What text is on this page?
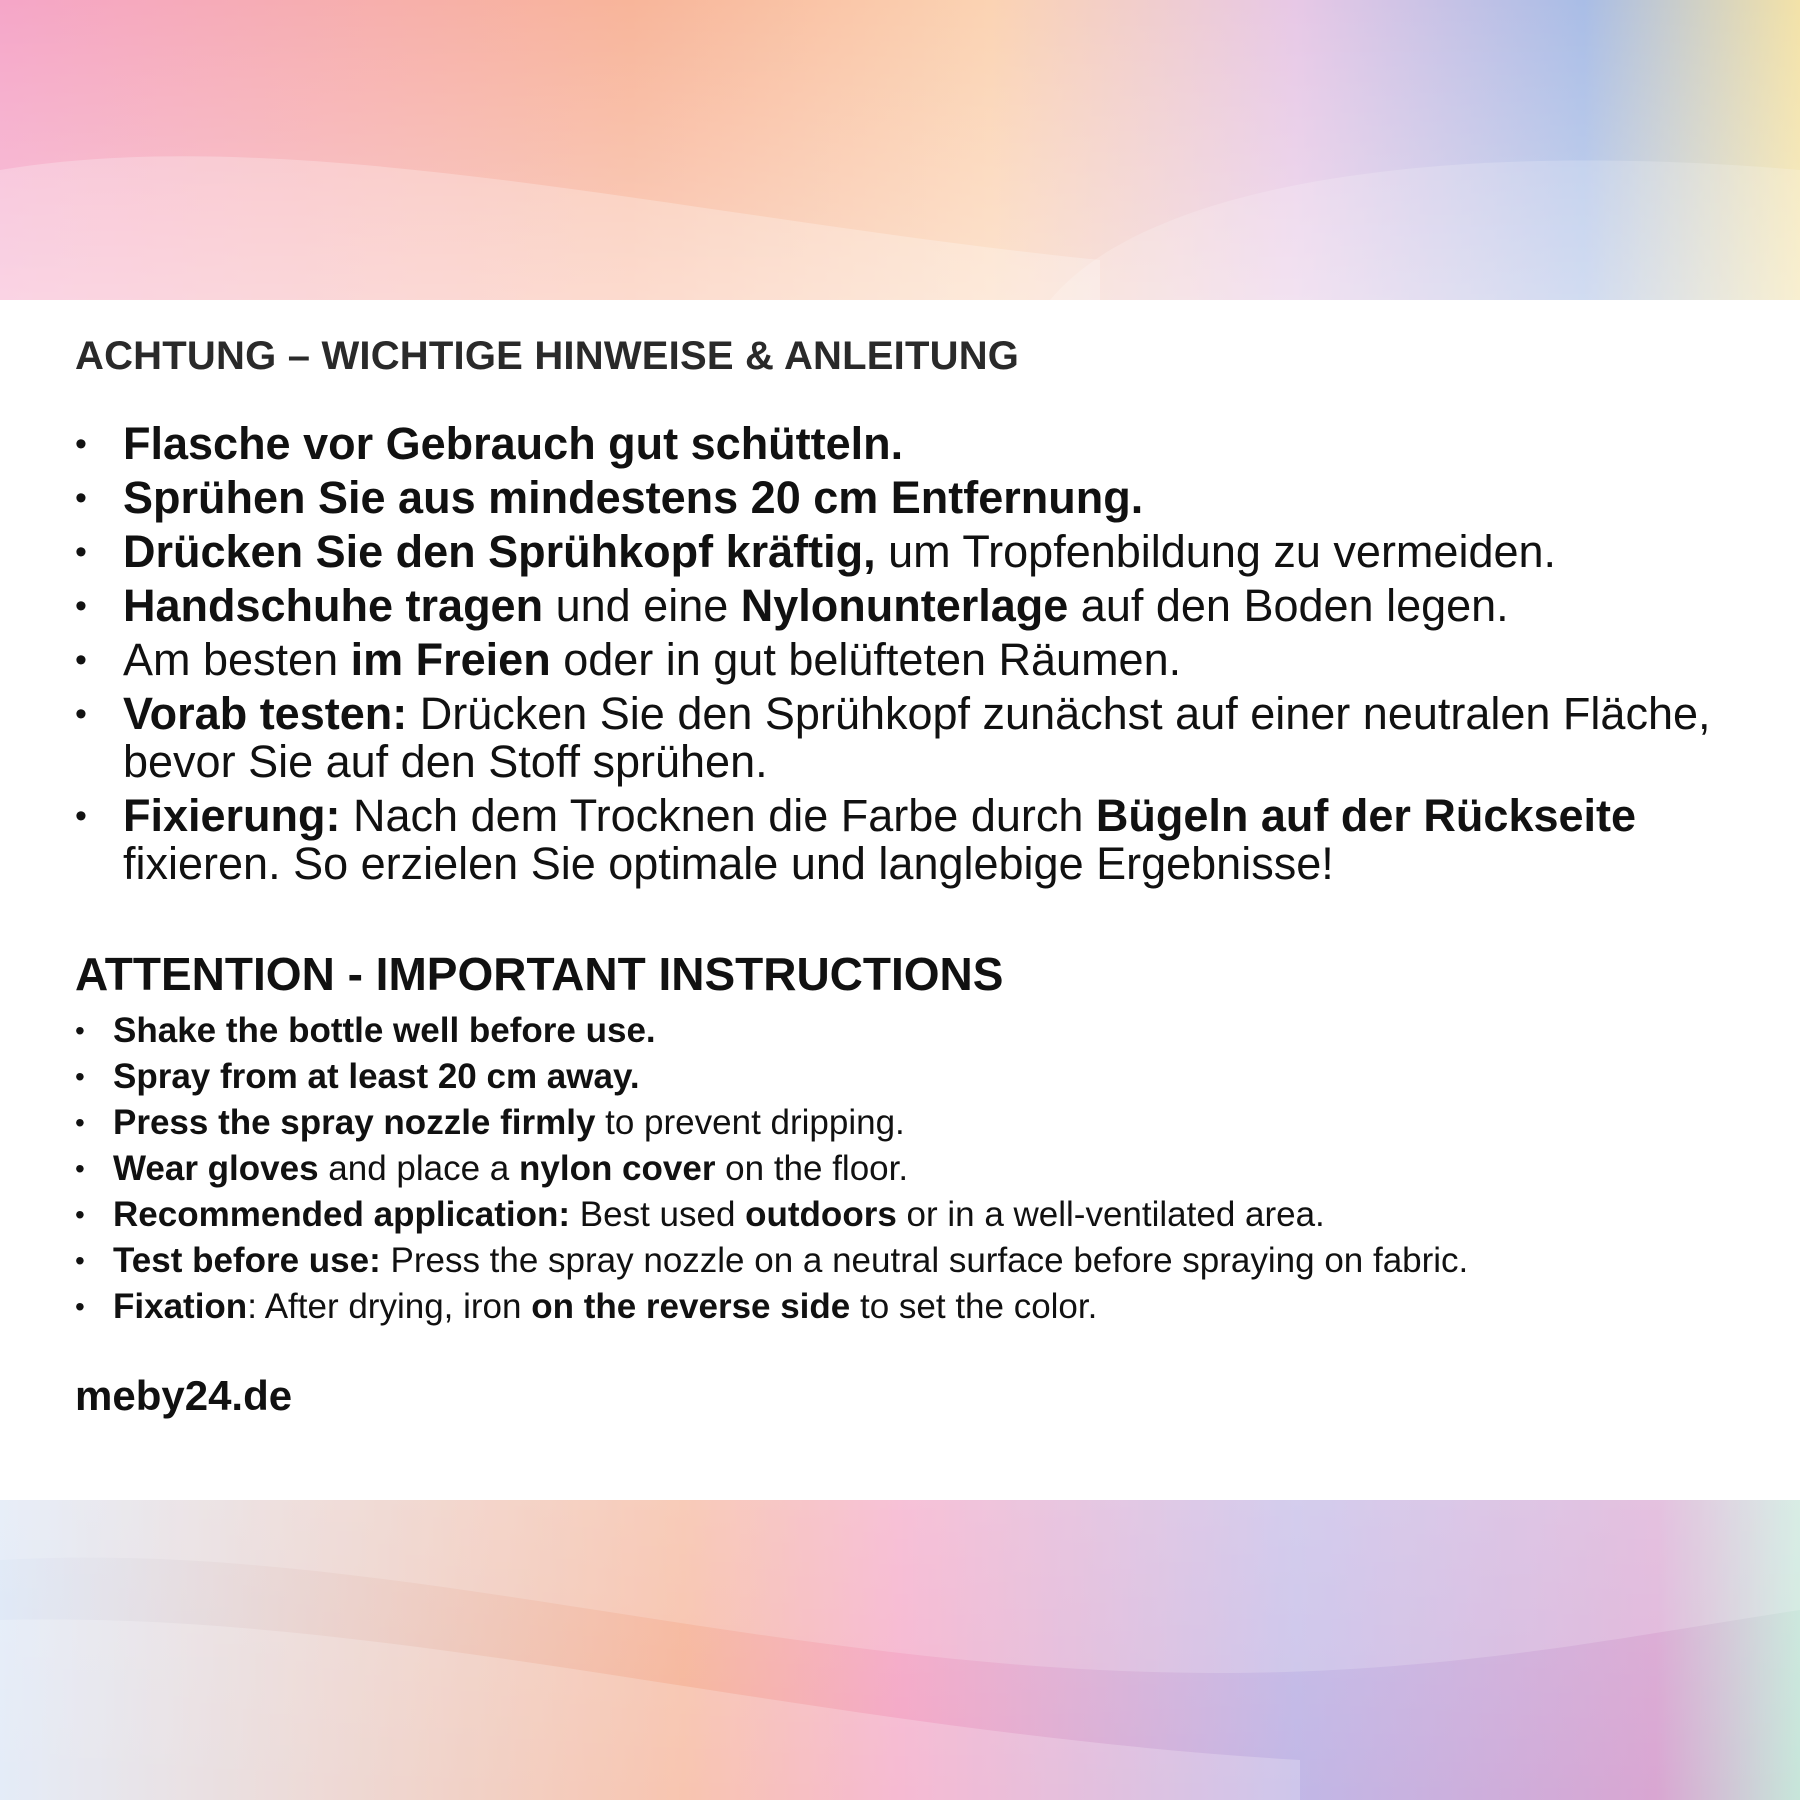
ACHTUNG – WICHTIGE HINWEISE & ANLEITUNG
• Flasche vor Gebrauch gut schütteln.
• Sprühen Sie aus mindestens 20 cm Entfernung.
• Drücken Sie den Sprühkopf kräftig, um Tropfenbildung zu vermeiden.
• Handschuhe tragen und eine Nylonunterlage auf den Boden legen.
• Am besten im Freien oder in gut belüfteten Räumen.
• Vorab testen: Drücken Sie den Sprühkopf zunächst auf einer neutralen Fläche, bevor Sie auf den Stoff sprühen.
• Fixierung: Nach dem Trocknen die Farbe durch Bügeln auf der Rückseite fixieren. So erzielen Sie optimale und langlebige Ergebnisse!
ATTENTION - IMPORTANT INSTRUCTIONS
• Shake the bottle well before use.
• Spray from at least 20 cm away.
• Press the spray nozzle firmly to prevent dripping.
• Wear gloves and place a nylon cover on the floor.
• Recommended application: Best used outdoors or in a well-ventilated area.
• Test before use: Press the spray nozzle on a neutral surface before spraying on fabric.
• Fixation: After drying, iron on the reverse side to set the color.
meby24.de
